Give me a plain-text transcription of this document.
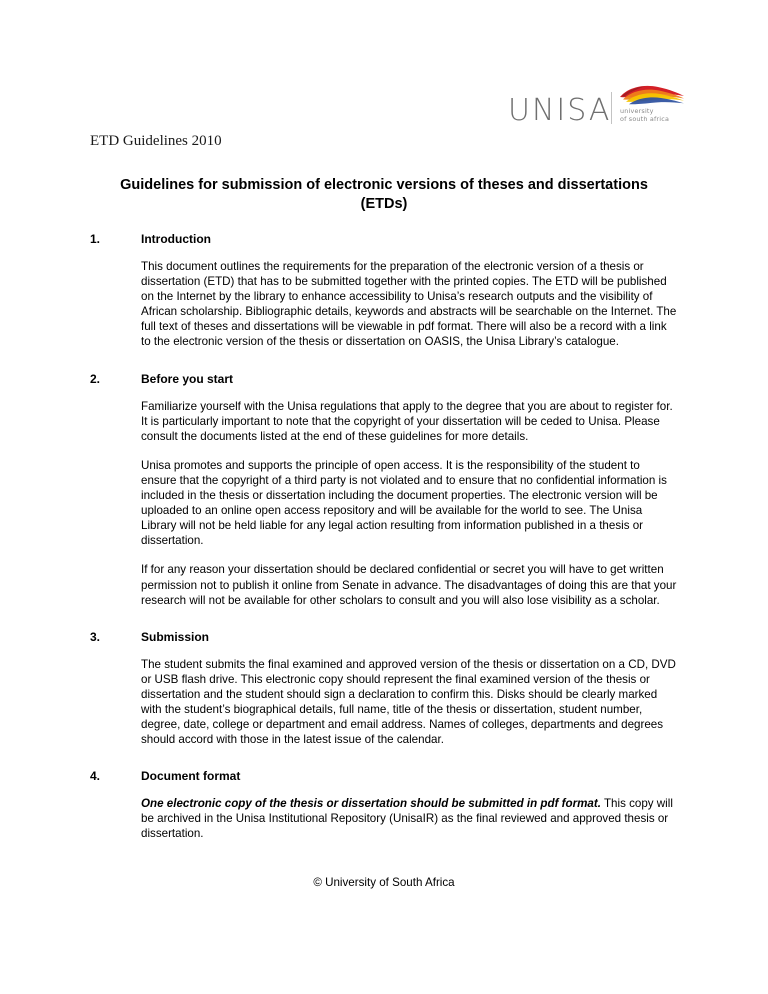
UNISA university
of south africa
ETD Guidelines 2010
Guidelines for submission of electronic versions of theses and dissertations
(ETDs)
1.	Introduction

This document outlines the requirements for the preparation of the electronic version of a thesis or dissertation (ETD) that has to be submitted together with the printed copies. The ETD will be published on the Internet by the library to enhance accessibility to Unisa’s research outputs and the visibility of African scholarship. Bibliographic details, keywords and abstracts will be searchable on the Internet. The full text of theses and dissertations will be viewable in pdf format. There will also be a record with a link to the electronic version of the thesis or dissertation on OASIS, the Unisa Library’s catalogue.

2.	Before you start

Familiarize yourself with the Unisa regulations that apply to the degree that you are about to register for. It is particularly important to note that the copyright of your dissertation will be ceded to Unisa. Please consult the documents listed at the end of these guidelines for more details.

Unisa promotes and supports the principle of open access. It is the responsibility of the student to ensure that the copyright of a third party is not violated and to ensure that no confidential information is included in the thesis or dissertation including the document properties. The electronic version will be uploaded to an online open access repository and will be available for the world to see. The Unisa Library will not be held liable for any legal action resulting from information published in a thesis or dissertation.

If for any reason your dissertation should be declared confidential or secret you will have to get written permission not to publish it online from Senate in advance. The disadvantages of doing this are that your research will not be available for other scholars to consult and you will also lose visibility as a scholar.

3.	Submission

The student submits the final examined and approved version of the thesis or dissertation on a CD, DVD or USB flash drive. This electronic copy should represent the final examined version of the thesis or dissertation and the student should sign a declaration to confirm this. Disks should be clearly marked with the student’s biographical details, full name, title of the thesis or dissertation, student number, degree, date, college or department and email address. Names of colleges, departments and degrees should accord with those in the latest issue of the calendar.

4.	Document format

One electronic copy of the thesis or dissertation should be submitted in pdf format. This copy will be archived in the Unisa Institutional Repository (UnisaIR) as the final reviewed and approved thesis or dissertation.

© University of South Africa
